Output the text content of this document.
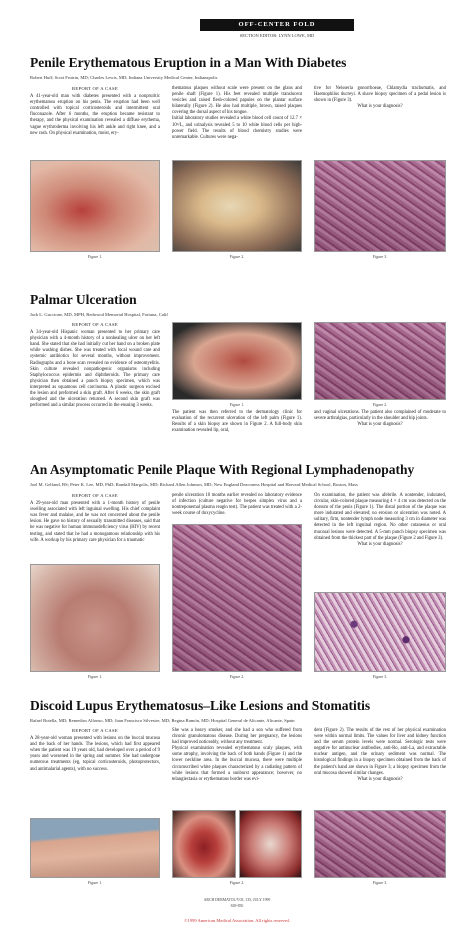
OFF-CENTER FOLD
SECTION EDITOR: LYNN LOWE, MD
Penile Erythematous Eruption in a Man With Diabetes
Robert Huff; Scott Frutrin, MD; Charles Lewis, MD; Indiana University Medical Center, Indianapolis
REPORT OF A CASE
A 41-year-old man with diabetes presented with a nonpruritic erythematous eruption on his penis. The eruption had been well controlled with topical corticosteroids and intermittent oral fluconazole. After 6 months, the eruption became resistant to therapy, and the physical examination revealed a diffuse erythema, vague erythroderma involving his left ankle and right knee, and a new rash. On physical examination, moist, ery-
thematous plaques without scale were present on the glans and penile shaft (Figure 1). His feet revealed multiple translucent vesicles and raised flesh-colored papules on the plantar surface bilaterally (Figure 2). He also had multiple, brown, raised plaques covering the dorsal aspect of his tongue.
Initial laboratory studies revealed a white blood cell count of 12.7 × 10⁹/L, and urinalysis revealed 5 to 10 white blood cells per high-power field. The results of blood chemistry studies were unremarkable. Cultures were nega-
tive for Neisseria gonorrhoeae, Chlamydia trachomatis, and Haemophilus ducreyi. A shave biopsy specimen of a pedal lesion is shown in (Figure 3).
What is your diagnosis?
Figure 1.	Figure 2.	Figure 3.
Palmar Ulceration
Jack L. Guccione, MD, MPH, Redwood Memorial Hospital, Fortuna, Calif
REPORT OF A CASE
A 34-year-old Hispanic woman presented to her primary care physician with a 4-month history of a nonhealing ulcer on her left hand. She stated that she had initially cut her hand on a broken plate while washing dishes. She was treated with local wound care and systemic antibiotics for several months, without improvement. Radiographs and a bone scan revealed no evidence of osteomyelitis. Skin culture revealed nonpathogenic organisms including Staphylococcus epidermis and diphtheroids. The primary care physician then obtained a punch biopsy specimen, which was interpreted as squamous cell carcinoma. A plastic surgeon excised the lesion and preformed a skin graft. After 6 weeks, the skin graft sloughed and the ulceration returned. A second skin graft was performed and a similar process occurred in the ensuing 3 weeks.	Figure 1.	Figure 2.
The patient was then referred to the dermatology clinic for evaluation of the recurrent ulceration of the left palm (Figure 1). Results of a skin biopsy are shown in Figure 2. A full-body skin examination revealed lip, oral,
and vaginal ulcerations. The patient also complained of moderate to severe arthralgias, particularly in the shoulder and hip joints.
What is your diagnosis?
An Asymptomatic Penile Plaque With Regional Lymphadenopathy
Joel M. Gelfand, BS; Peter K. Lee, MD, PhD; Randall Margolis, MD; Richard Allen Johnson, MD; New England Deaconess Hospital and Harvard Medical School, Boston, Mass
REPORT OF A CASE
A 29-year-old man presented with a 1-month history of penile swelling associated with left inguinal swelling. His chief complaint was fever and malaise, and he was not concerned about the penile lesion. He gave no history of sexually transmitted diseases, said that he was negative for human immunodeficiency virus (HIV) by recent testing, and stated that he had a monogamous relationship with his wife. A workup by his primary care physician for a traumatic
penile ulceration 10 months earlier revealed no laboratory evidence of infection (culture negative for herpes simplex virus and a nontreponemal plasma reagin test). The patient was treated with a 2-week course of doxycycline.
On examination, the patient was afebrile. A nontender, indurated, circular, skin-colored plaque measuring 4 × 4 cm was detected on the dorsum of the penis (Figure 1). The distal portion of the plaque was more indurated and elevated; no erosion or ulceration was noted. A solitary, firm, nontender lymph node measuring 3 cm in diameter was detected in the left inguinal region. No other cutaneous or oral mucosal lesions were detected. A 5-mm punch biopsy specimen was obtained from the thickest part of the plaque (Figure 2 and Figure 3).
What is your diagnosis?
Figure 1.	Figure 2.	Figure 3.
Discoid Lupus Erythematosus–Like Lesions and Stomatitis
Rafael Botella, MD; Remedios Alfonso, MD; Juan Francisco Silvestre, MD; Regina Ramón, MD; Hospital General de Alicante, Alicante, Spain
REPORT OF A CASE
A 28-year-old woman presented with lesions on the buccal mucosa and the back of her hands. The lesions, which had first appeared when the patient was 19 years old, had developed over a period of 9 years and worsened in the spring and summer. She had undergone numerous treatments (eg, topical corticosteroids, photoprotectors, and antimalarial agents), with no success.
She was a heavy smoker, and she had a son who suffered from chronic granulomatous disease. During her pregnancy, the lesions had improved noticeably, without any treatment.
Physical examination revealed erythematous scaly plaques, with some atrophy, involving the back of both hands (Figure 1) and the lower neckline area. In the buccal mucosa, there were multiple circumscribed white plaques characterized by a radiating pattern of white lesions that formed a sunburst appearance; however, no telangiectasia or erythematous border was evi-
dent (Figure 2). The results of the rest of her physical examination were within normal limits. The values for liver and kidney function and the serum protein levels were normal. Serologic tests were negative for antinuclear antibodies, anti-Ro, anti-La, and extractable nuclear antigen, and the urinary sediment was normal. The histological findings in a biopsy specimen obtained from the back of the patient's hand are shown in Figure 3; a biopsy specimen from the oral mucosa showed similar changes.
What is your diagnosis?
Figure 1.	Figure 2.	Figure 3.
ARCH DERMATOL/VOL 135, JULY 1999
849-850
©1999 American Medical Association. All rights reserved.
